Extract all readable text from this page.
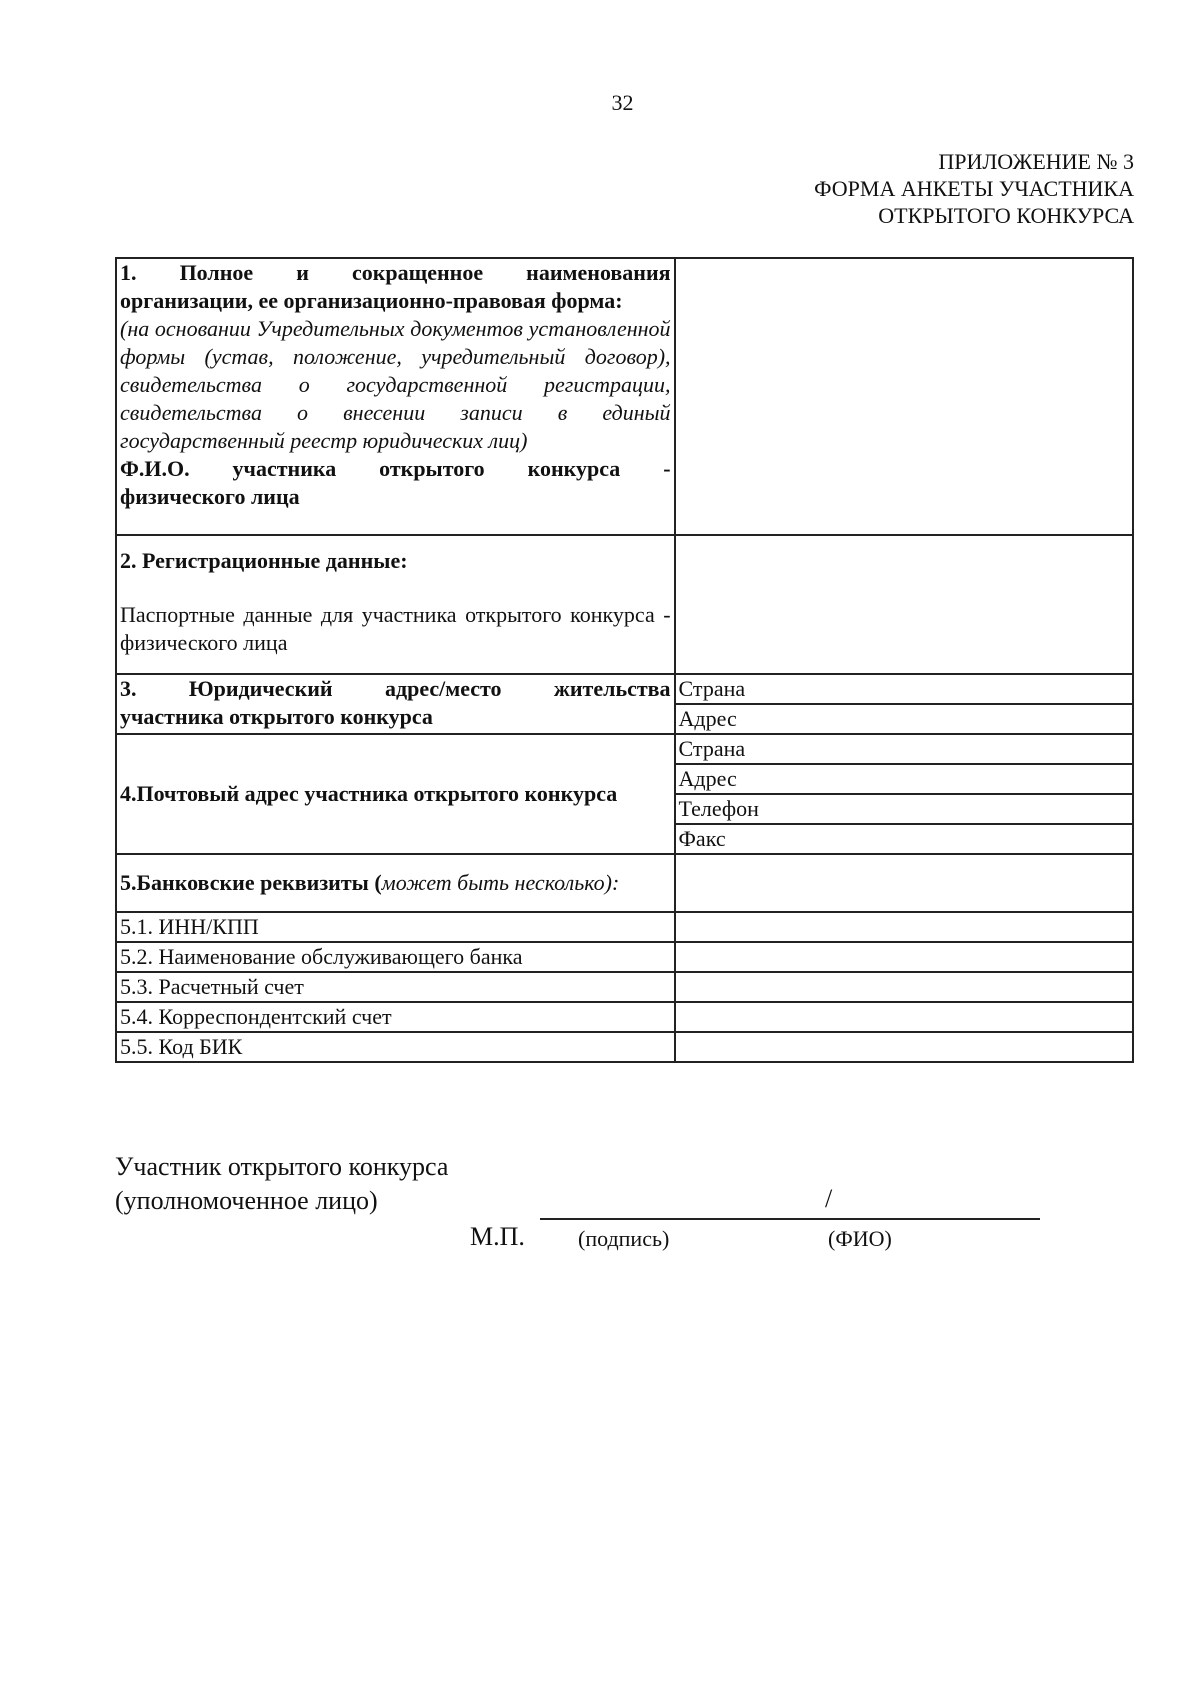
32
ПРИЛОЖЕНИЕ № 3
ФОРМА АНКЕТЫ УЧАСТНИКА
ОТКРЫТОГО КОНКУРСА
1. Полное и сокращенное наименования
организации, ее организационно-правовая форма:
(на основании Учредительных документов установленной формы (устав, положение, учредительный договор), свидетельства о государственной регистрации, свидетельства о внесении записи в единый государственный реестр юридических лиц)
Ф.И.О. участника открытого конкурса -
физического лица	

2. Регистрационные данные:
Паспортные данные для участника открытого конкурса - физического лица	

3. Юридический адрес/место жительства
участника открытого конкурса	Страна
	Адрес
4.Почтовый адрес участника открытого конкурса	Страна
	Адрес
	Телефон
	Факс
5.Банковские реквизиты (может быть несколько):	
5.1. ИНН/КПП	
5.2. Наименование обслуживающего банка	
5.3. Расчетный счет	
5.4. Корреспондентский счет	
5.5. Код БИК	
Участник открытого конкурса
(уполномоченное лицо)	/
М.П. (подпись)	(ФИО)
